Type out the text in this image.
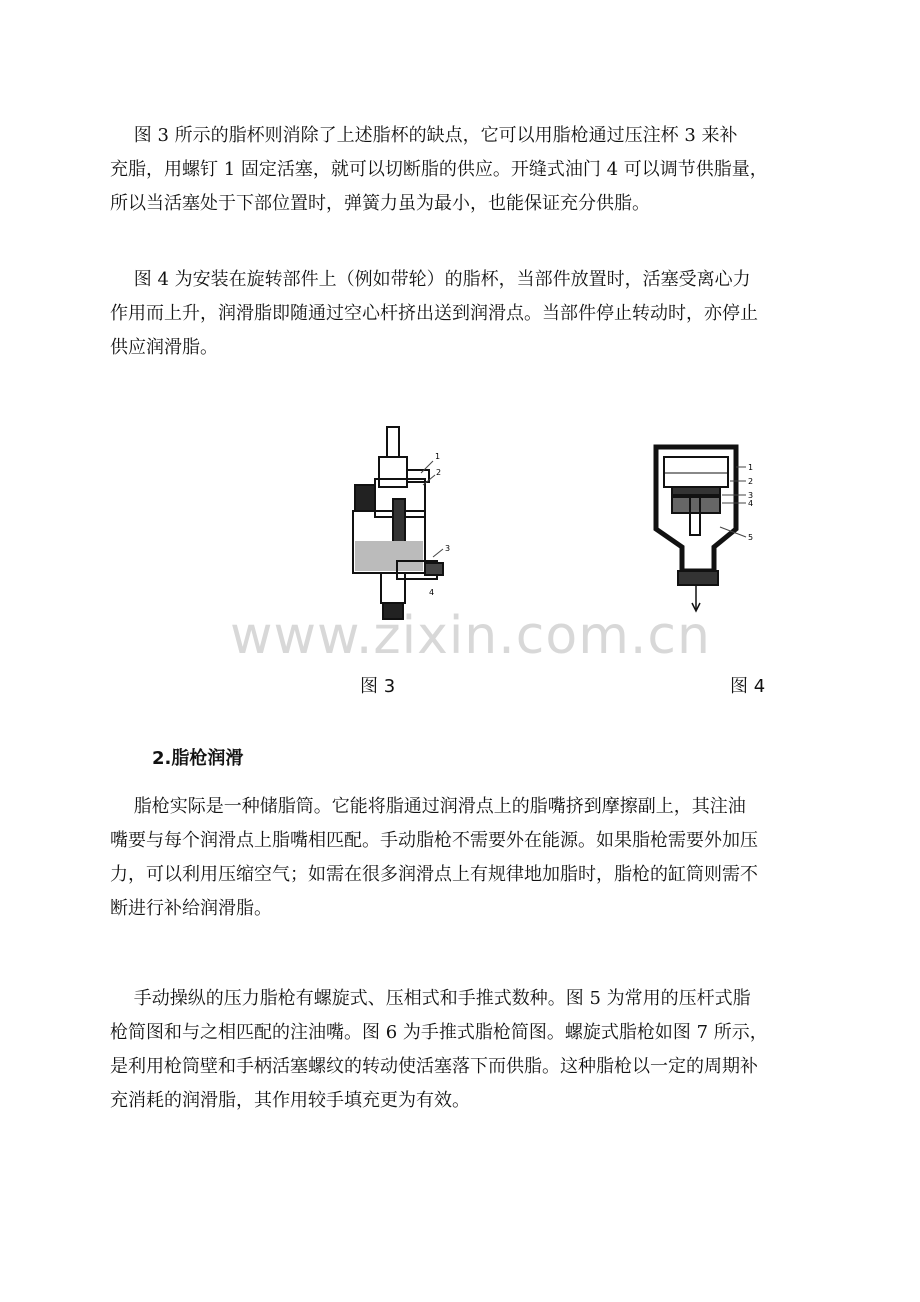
　 图 3 所示的脂杯则消除了上述脂杯的缺点，它可以用脂枪通过压注杯 3 来补
充脂，用螺钉 1 固定活塞，就可以切断脂的供应。开缝式油门 4 可以调节供脂量，
所以当活塞处于下部位置时，弹簧力虽为最小，也能保证充分供脂。
　 图 4 为安装在旋转部件上（例如带轮）的脂杯，当部件放置时，活塞受离心力
作用而上升，润滑脂即随通过空心杆挤出送到润滑点。当部件停止转动时，亦停止
供应润滑脂。
1
2
3
4
1
2
3
4
5
www.zixin.com.cn
图 3	图 4
2.脂枪润滑
　 脂枪实际是一种储脂筒。它能将脂通过润滑点上的脂嘴挤到摩擦副上，其注油
嘴要与每个润滑点上脂嘴相匹配。手动脂枪不需要外在能源。如果脂枪需要外加压
力，可以利用压缩空气；如需在很多润滑点上有规律地加脂时，脂枪的缸筒则需不
断进行补给润滑脂。
　 手动操纵的压力脂枪有螺旋式、压相式和手推式数种。图 5 为常用的压杆式脂
枪简图和与之相匹配的注油嘴。图 6 为手推式脂枪简图。螺旋式脂枪如图 7 所示，
是利用枪筒壁和手柄活塞螺纹的转动使活塞落下而供脂。这种脂枪以一定的周期补
充消耗的润滑脂，其作用较手填充更为有效。
